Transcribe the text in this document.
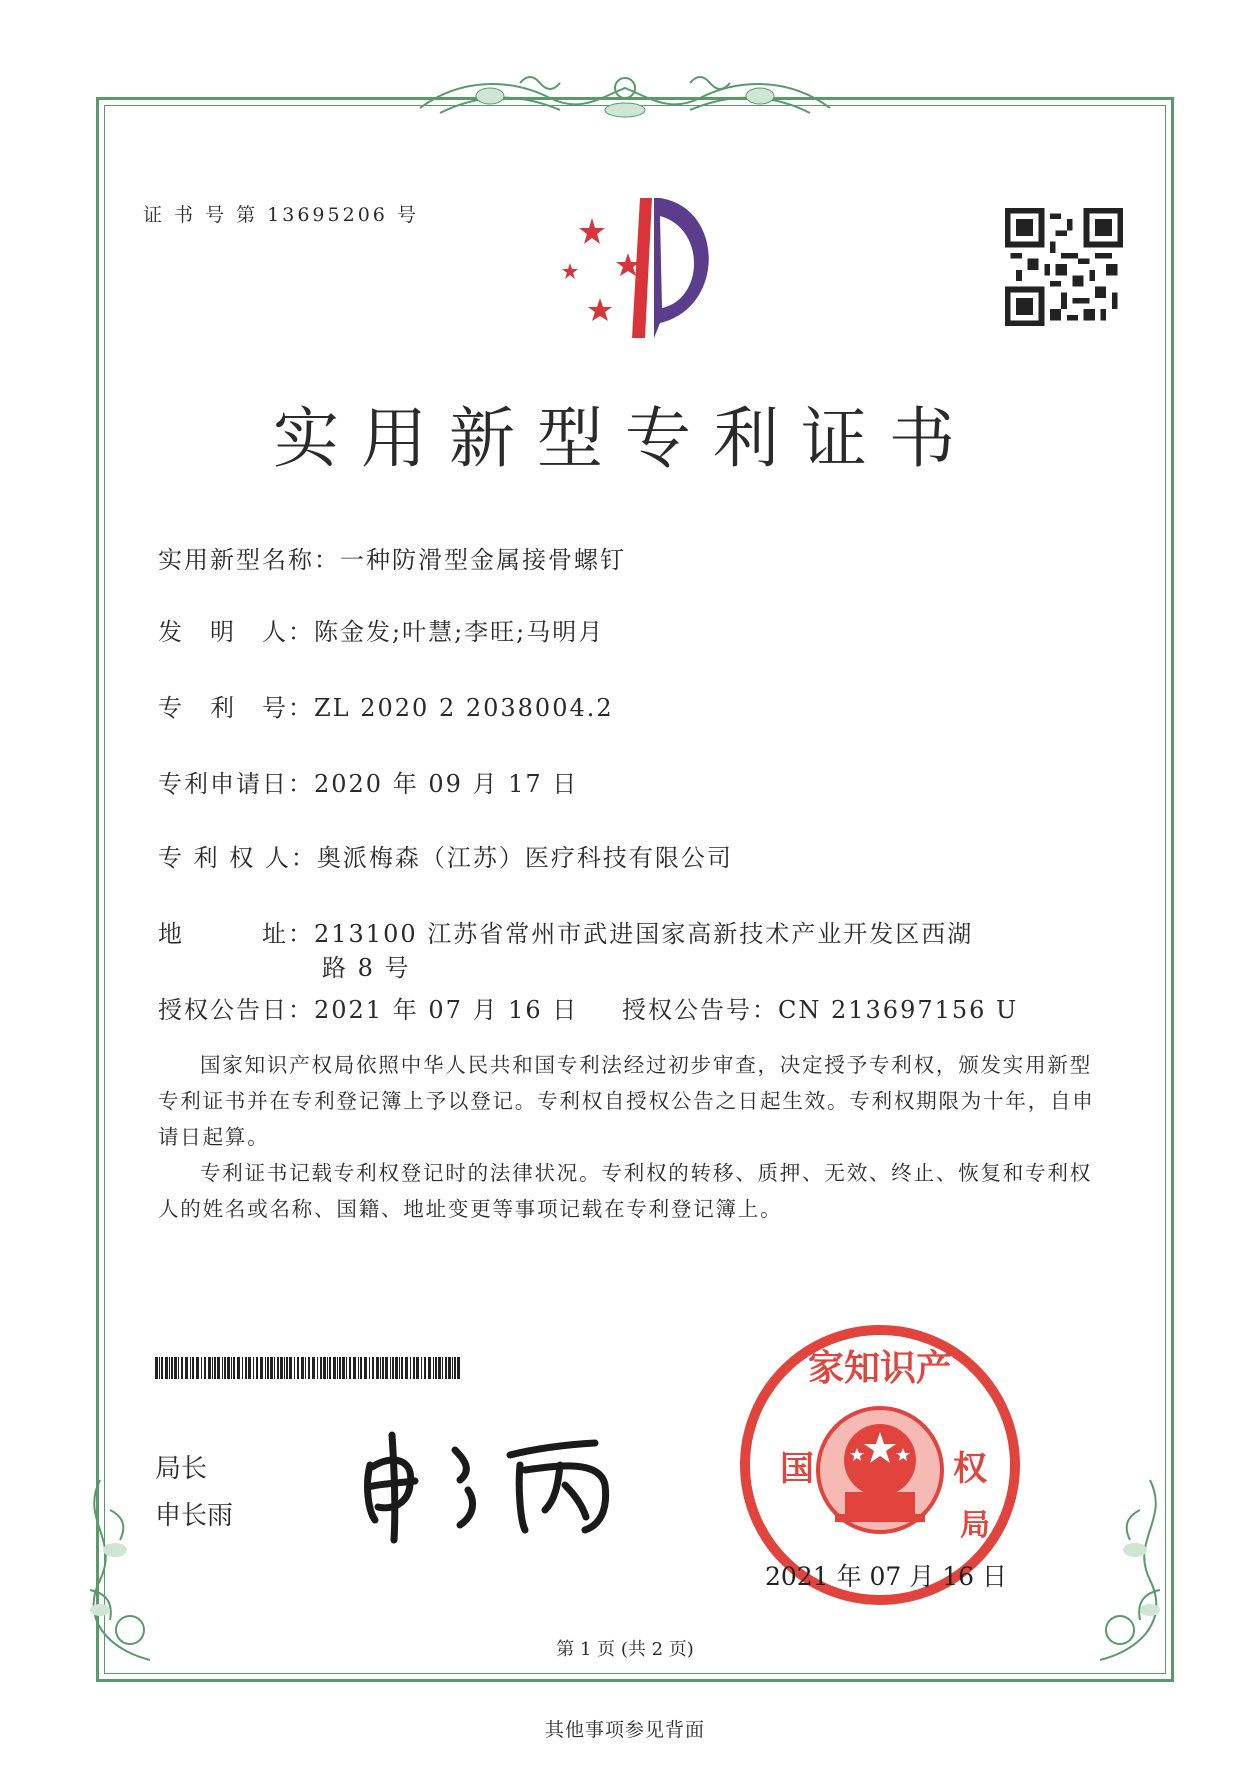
证 书 号 第 13695206 号
实用新型专利证书
实用新型名称：一种防滑型金属接骨螺钉
发　明　人：陈金发;叶慧;李旺;马明月
专　利　号：ZL 2020 2 2038004.2
专利申请日：2020 年 09 月 17 日
专 利 权 人：奥派梅森（江苏）医疗科技有限公司
地　　　址：213100 江苏省常州市武进国家高新技术产业开发区西湖
路 8 号
授权公告日：2021 年 07 月 16 日 授权公告号：CN 213697156 U
国家知识产权局依照中华人民共和国专利法经过初步审查，决定授予专利权，颁发实用新型专利证书并在专利登记簿上予以登记。专利权自授权公告之日起生效。专利权期限为十年，自申请日起算。
专利证书记载专利权登记时的法律状况。专利权的转移、质押、无效、终止、恢复和专利权人的姓名或名称、国籍、地址变更等事项记载在专利登记簿上。
局长
申长雨
家知识产
国	权
局
2021 年 07 月 16 日
第 1 页 (共 2 页)
其他事项参见背面
